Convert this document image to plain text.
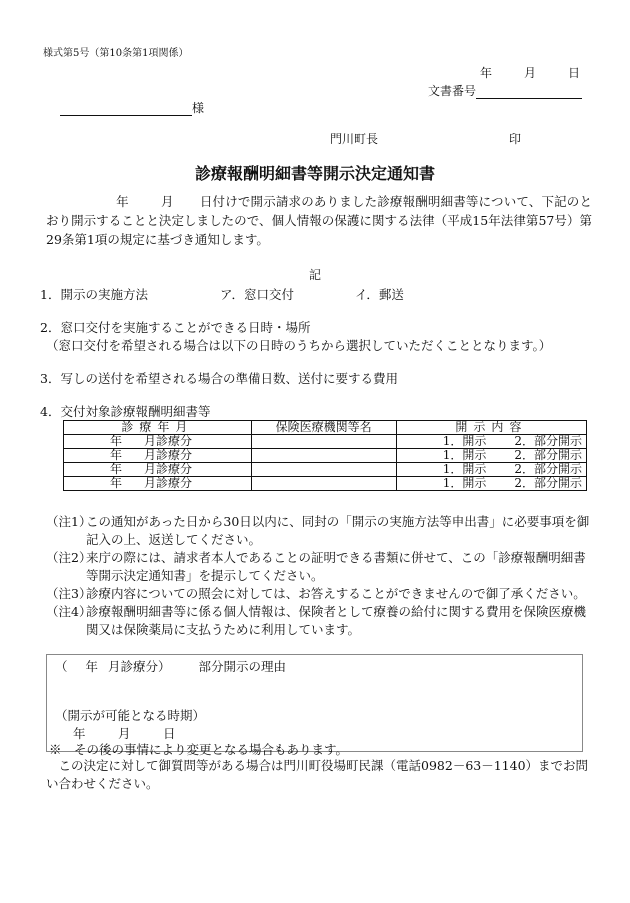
様式第5号（第10条第1項関係）
年	月	日
文書番号
様
門川町長	印
診療報酬明細書等開示決定通知書
年	月 日付けで開示請求のありました診療報酬明細書等について、下記のとおり開示することと決定しましたので、個人情報の保護に関する法律（平成15年法律第57号）第29条第1項の規定に基づき通知します。
記
1．開示の実施方法	ア．窓口交付	イ．郵送
2．窓口交付を実施することができる日時・場所
（窓口交付を希望される場合は以下の日時のうちから選択していただくこととなります。）
3．写しの送付を希望される場合の準備日数、送付に要する費用
4．交付対象診療報酬明細書等
診療年月	保険医療機関等名	開示内容
年 月診療分		1．開示 2．部分開示
年 月診療分		1．開示 2．部分開示
年 月診療分		1．開示 2．部分開示
年 月診療分		1．開示 2．部分開示
（注1）
この通知があった日から30日以内に、同封の「開示の実施方法等申出書」に必要事項を御記入の上、返送してください。
（注2）
来庁の際には、請求者本人であることの証明できる書類に併せて、この「診療報酬明細書等開示決定通知書」を提示してください。
（注3）
診療内容についての照会に対しては、お答えすることができませんので御了承ください。
（注4）
診療報酬明細書等に係る個人情報は、保険者として療養の給付に関する費用を保険医療機関又は保険薬局に支払うために利用しています。
（ 年 月診療分） 部分開示の理由
（開示が可能となる時期）
年	月	日
※　その後の事情により変更となる場合もあります。
この決定に対して御質問等がある場合は門川町役場町民課（電話0982－63－1140）までお問い合わせください。
